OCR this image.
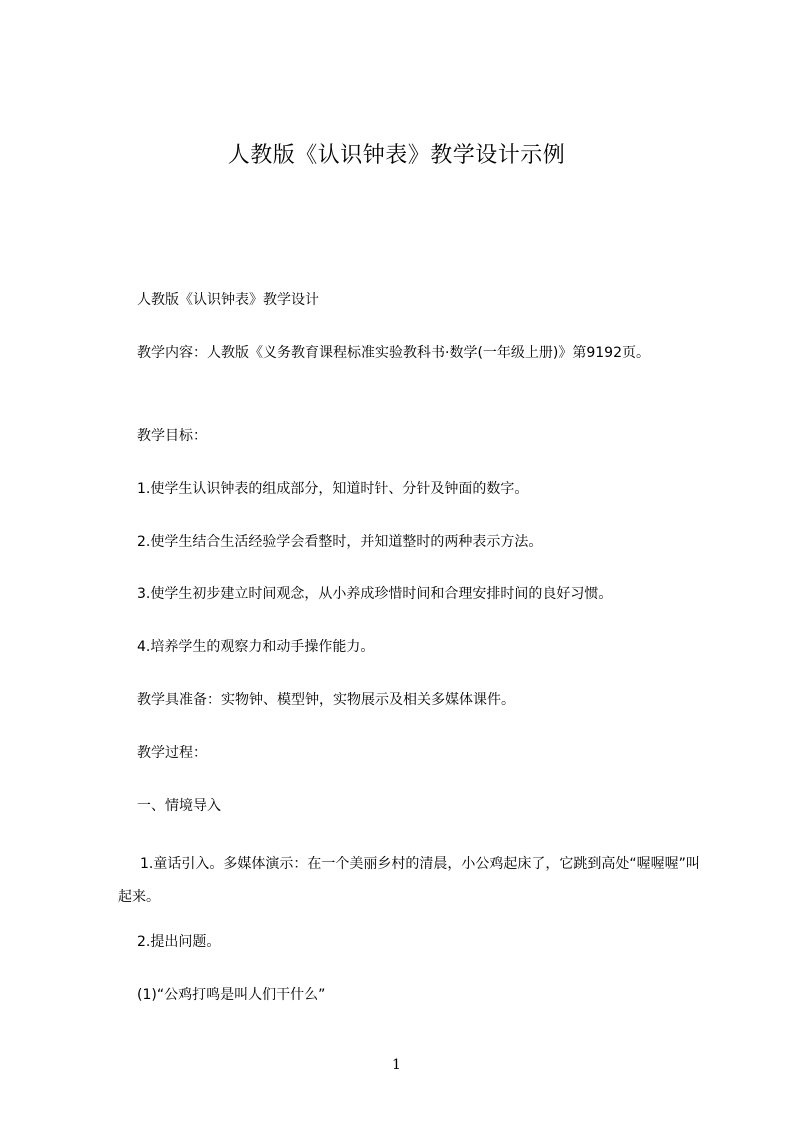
人教版《认识钟表》教学设计示例
人教版《认识钟表》教学设计
教学内容：人教版《义务教育课程标准实验教科书·数学(一年级上册)》第9192页。
教学目标：
1.使学生认识钟表的组成部分，知道时针、分针及钟面的数字。
2.使学生结合生活经验学会看整时，并知道整时的两种表示方法。
3.使学生初步建立时间观念，从小养成珍惜时间和合理安排时间的良好习惯。
4.培养学生的观察力和动手操作能力。
教学具准备：实物钟、模型钟，实物展示及相关多媒体课件。
教学过程：
一、情境导入
1.童话引入。多媒体演示：在一个美丽乡村的清晨，小公鸡起床了，它跳到高处“喔喔喔”叫起来。
2.提出问题。
(1)“公鸡打鸣是叫人们干什么”
1
